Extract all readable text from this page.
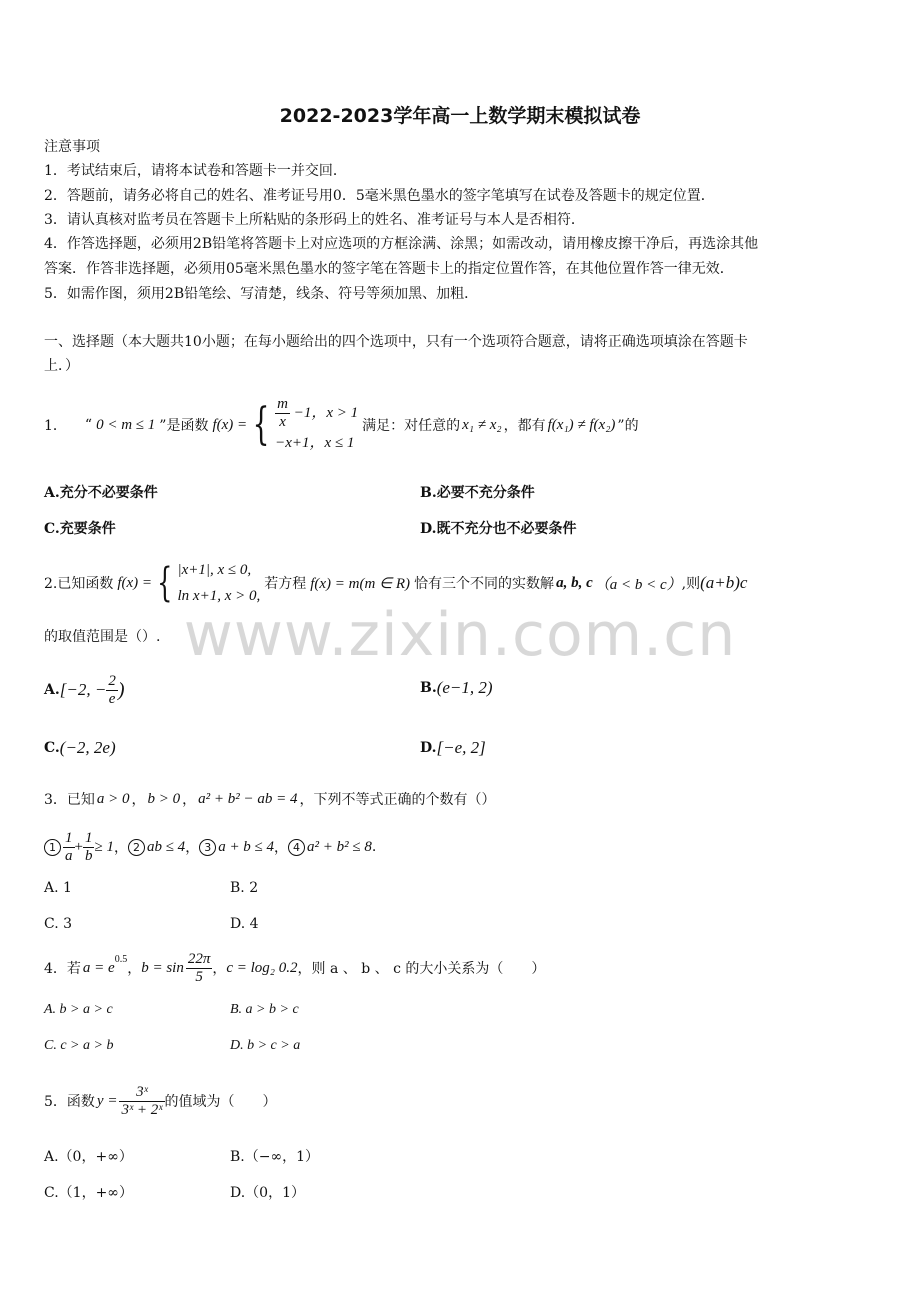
2022-2023学年高一上数学期末模拟试卷
www.zixin.com.cn
注意事项
1．考试结束后，请将本试卷和答题卡一并交回．
2．答题前，请务必将自己的姓名、准考证号用0．5毫米黑色墨水的签字笔填写在试卷及答题卡的规定位置．
3．请认真核对监考员在答题卡上所粘贴的条形码上的姓名、准考证号与本人是否相符．
4．作答选择题，必须用2B铅笔将答题卡上对应选项的方框涂满、涂黑；如需改动，请用橡皮擦干净后，再选涂其他
答案．作答非选择题，必须用05毫米黑色墨水的签字笔在答题卡上的指定位置作答，在其他位置作答一律无效．
5．如需作图，须用2B铅笔绘、写清楚，线条、符号等须加黑、加粗．
一、选择题（本大题共10小题；在每小题给出的四个选项中，只有一个选项符合题意，请将正确选项填涂在答题卡
上．）
1． “ 0 < m ≤ 1 ”是函数 f(x) = { $\frac{m}{x} -1$，x > 1
−x+1，x ≤ 1
满足：对任意的 x₁ ≠ x₂ ，都有 f(x₁) ≠ f(x₂) ”的
A.充分不必要条件	B.必要不充分条件
C.充要条件	D.既不充分也不必要条件
2.已知函数 f(x) = { |x+1|, x ≤ 0,
ln x+1, x > 0,
若方程 f(x) = m(m ∈ R) 恰有三个不同的实数解 a, b, c （a < b < c） ,则 (a+b)c
的取值范围是（）.
A. [−2, − $\frac{2}{e}$ )	B. (e−1, 2)
C. (−2, 2e)	D. [−e, 2]
3．已知 a > 0 ， b > 0 ， a² + b² − ab = 4 ，下列不等式正确的个数有（）
$1 \frac{1}{a} + \frac{1}{b} \ge 1$ ， 2 ab ≤ 4 ， 3 a + b ≤ 4 ， 4 a² + b² ≤ 8 .
A. 1	B. 2
C. 3	D. 4
4．若 $a = e^{0.5}$
， $b = \sin \frac{22\pi}{5}$ ， c = log₂ 0.2 ，则 a 、 b 、 c 的大小关系为（　　）
A. b > a > c	B. a > b > c
C. c > a > b	D. b > c > a
5．函数 $y = \frac{\text{3ˣ}}{\text{3ˣ + 2ˣ}}$ 的值域为（　　）
A.（0，+∞）	B.（−∞，1）
C.（1，+∞）	D.（0，1）
